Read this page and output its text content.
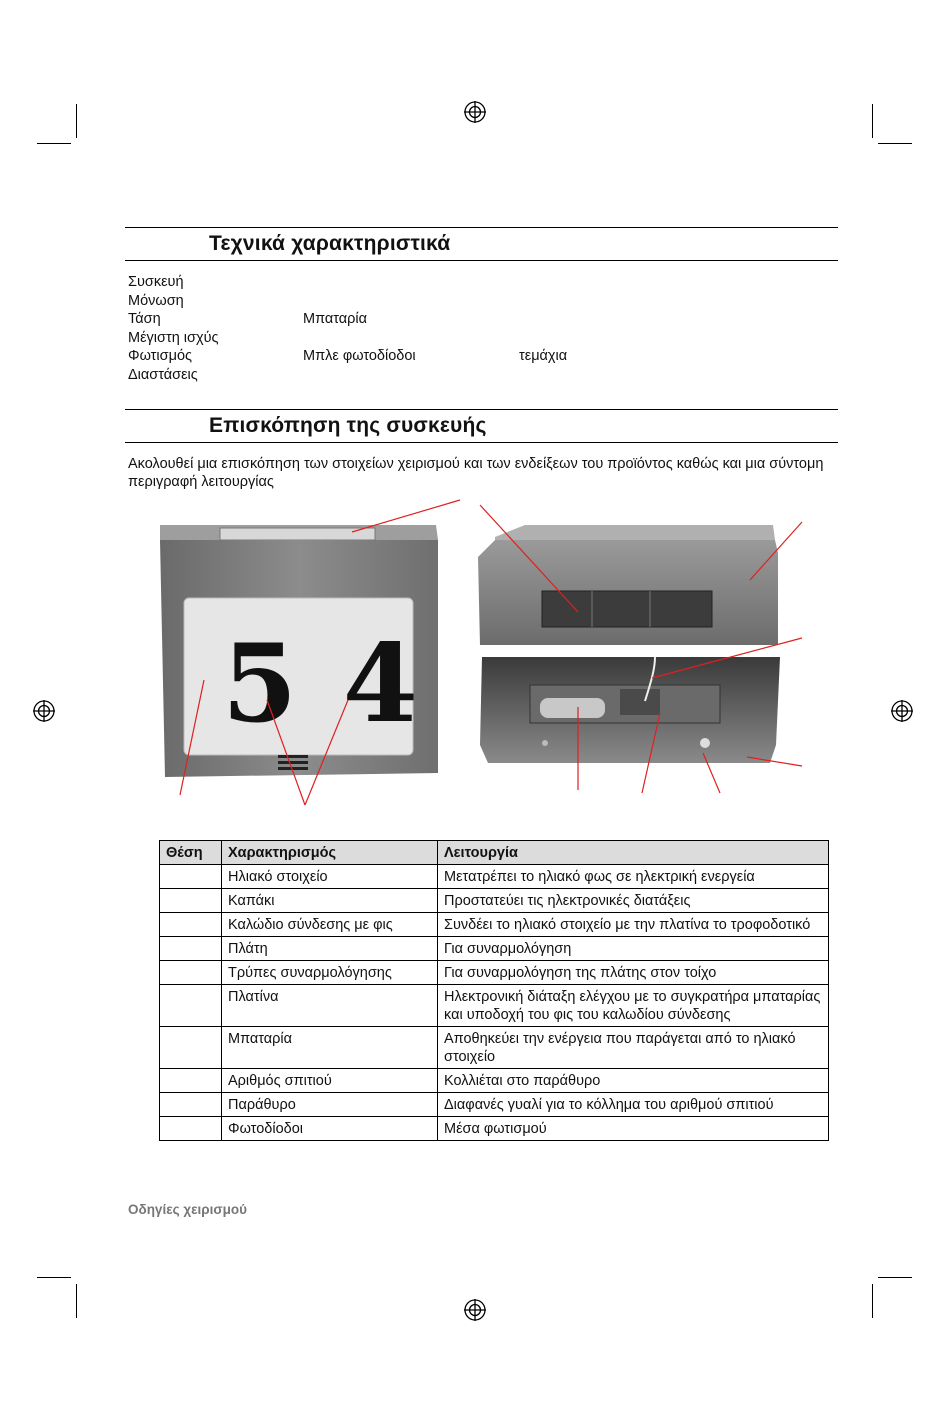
Τεχνικά χαρακτηριστικά
Συσκευή
Μόνωση
Τάση	Μπαταρία
Μέγιστη ισχύς
Φωτισμός	Μπλε φωτοδίοδοι	τεμάχια
Διαστάσεις
Επισκόπηση της συσκευής
Ακολουθεί μια επισκόπηση των στοιχείων χειρισμού και των ενδείξεων του προϊόντος καθώς και μια σύντομη περιγραφή λειτουργίας
5 4
Θέση	Χαρακτηρισμός	Λειτουργία
	Ηλιακό στοιχείο	Μετατρέπει το ηλιακό φως σε ηλεκτρική ενεργεία
	Καπάκι	Προστατεύει τις ηλεκτρονικές διατάξεις
	Καλώδιο σύνδεσης με φις	Συνδέει το ηλιακό στοιχείο με την πλατίνα το τροφοδοτικό
	Πλάτη	Για συναρμολόγηση
	Τρύπες συναρμολόγησης	Για συναρμολόγηση της πλάτης στον τοίχο
	Πλατίνα	Ηλεκτρονική διάταξη ελέγχου με το συγκρατήρα μπαταρίας και υποδοχή του φις του καλωδίου σύνδεσης
	Μπαταρία	Αποθηκεύει την ενέργεια που παράγεται από το ηλιακό στοιχείο
	Αριθμός σπιτιού	Κολλιέται στο παράθυρο
	Παράθυρο	Διαφανές γυαλί για το κόλλημα του αριθμού σπιτιού
	Φωτοδίοδοι	Μέσα φωτισμού
Οδηγίες χειρισμού
